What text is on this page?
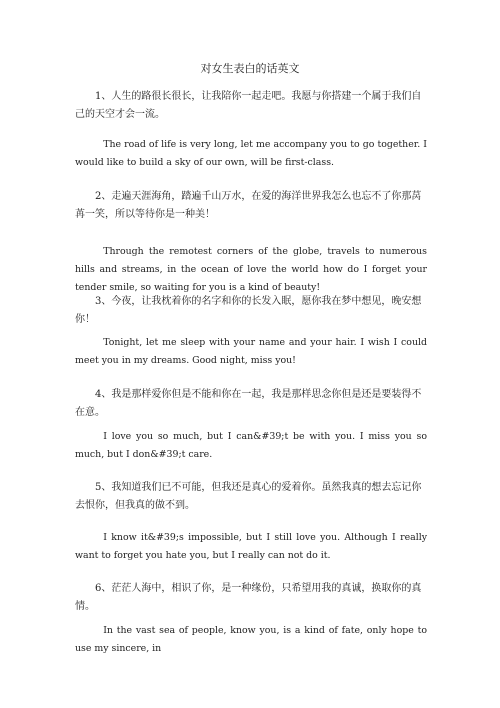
对女生表白的话英文

1、人生的路很长很长，让我陪你一起走吧。我愿与你搭建一个属于我们自己的天空才会一流。

The road of life is very long, let me accompany you to go together. I would like to build a sky of our own, will be first-class.

2、走遍天涯海角，踏遍千山万水，在爱的海洋世界我怎么也忘不了你那莴苒一笑，所以等待你是一种美！

Through the remotest corners of the globe, travels to numerous hills and streams, in the ocean of love the world how do I forget your tender smile, so waiting for you is a kind of beauty!

3、今夜，让我枕着你的名字和你的长发入眠，愿你我在梦中想见，晚安想你！

Tonight, let me sleep with your name and your hair. I wish I could meet you in my dreams. Good night, miss you!

4、我是那样爱你但是不能和你在一起，我是那样思念你但是还是要装得不在意。

I love you so much, but I can&#39;t be with you. I miss you so much, but I don&#39;t care.

5、我知道我们已不可能，但我还是真心的爱着你。虽然我真的想去忘记你去恨你，但我真的做不到。

I know it&#39;s impossible, but I still love you. Although I really want to forget you hate you, but I really can not do it.

6、茫茫人海中，相识了你，是一种缘份，只希望用我的真诚，换取你的真情。

In the vast sea of people, know you, is a kind of fate, only hope to use my sincere, in
